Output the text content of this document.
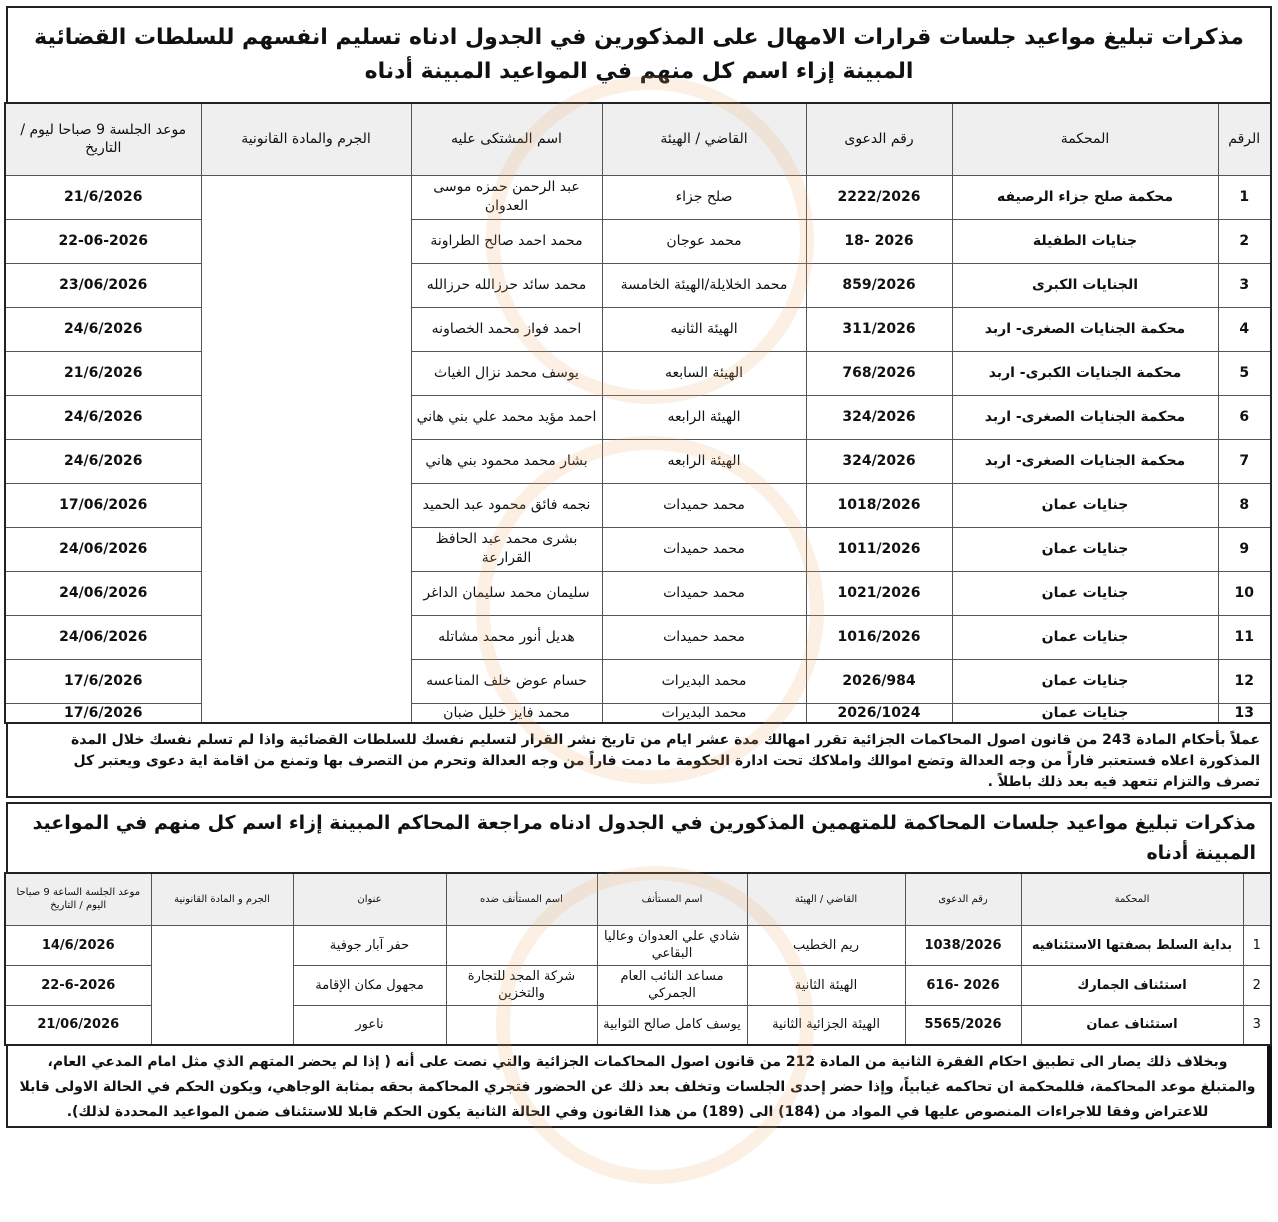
مذكرات تبليغ مواعيد جلسات قرارات الامهال على المذكورين في الجدول ادناه تسليم انفسهم للسلطات القضائية المبينة إزاء اسم كل منهم في المواعيد المبينة أدناه
الرقم	المحكمة	رقم الدعوى	القاضي / الهيئة	اسم المشتكى عليه	الجرم والمادة القانونية	موعد الجلسة 9 صباحا ليوم / التاريخ
1	محكمة صلح جزاء الرصيفه	2222/2026	صلح جزاء	عبد الرحمن حمزه موسى العدوان		21/6/2026
2	جنايات الطفيلة	18- 2026	محمد عوجان	محمد احمد صالح الطراونة		22-06-2026
3	الجنايات الكبرى	859/2026	محمد الخلايلة/الهيئة الخامسة	محمد سائد حرزالله حرزالله		23/06/2026
4	محكمة الجنايات الصغرى- اربد	311/2026	الهيئة الثانيه	احمد فواز محمد الخصاونه		24/6/2026
5	محكمة الجنايات الكبرى- اربد	768/2026	الهيئة السابعه	يوسف محمد نزال الغياث		21/6/2026
6	محكمة الجنايات الصغرى- اربد	324/2026	الهيئة الرابعه	احمد مؤيد محمد علي بني هاني		24/6/2026
7	محكمة الجنايات الصغرى- اربد	324/2026	الهيئة الرابعه	بشار محمد محمود بني هاني		24/6/2026
8	جنايات عمان	1018/2026	محمد حميدات	نجمه فائق محمود عبد الحميد		17/06/2026
9	جنايات عمان	1011/2026	محمد حميدات	بشرى محمد عبد الحافظ القرارعة		24/06/2026
10	جنايات عمان	1021/2026	محمد حميدات	سليمان محمد سليمان الداغر		24/06/2026
11	جنايات عمان	1016/2026	محمد حميدات	هديل أنور محمد مشاتله		24/06/2026
12	جنايات عمان	2026/984	محمد البديرات	حسام عوض خلف المناعسه		17/6/2026
13	جنايات عمان	2026/1024	محمد البديرات	محمد فايز خليل ضبان		17/6/2026
عملاً بأحكام المادة 243 من قانون اصول المحاكمات الجزائية تقرر امهالك مدة عشر ايام من تاريخ نشر القرار لتسليم نفسك للسلطات القضائية واذا لم تسلم نفسك خلال المدة المذكورة اعلاه فستعتبر فاراً من وجه العدالة وتضع اموالك واملاكك تحت ادارة الحكومة ما دمت فاراً من وجه العدالة وتحرم من التصرف بها وتمنع من اقامة اية دعوى ويعتبر كل تصرف والتزام تتعهد فيه بعد ذلك باطلاً .
مذكرات تبليغ مواعيد جلسات المحاكمة للمتهمين المذكورين في الجدول ادناه مراجعة المحاكم المبينة إزاء اسم كل منهم في المواعيد المبينة أدناه
	المحكمة	رقم الدعوى	القاضي / الهيئة	اسم المستأنف	اسم المستأنف ضده	عنوان	الجرم و المادة القانونية	موعد الجلسة الساعة 9 صباحا اليوم / التاريخ
1	بداية السلط بصفتها الاستئنافيه	1038/2026	ريم الخطيب	شادي علي العدوان وعاليا البقاعي		حفر آبار جوفية		14/6/2026
2	استئناف الجمارك	616- 2026	الهيئة الثانية	مساعد النائب العام الجمركي	شركة المجد للتجارة والتخزين	مجهول مكان الإقامة		22-6-2026
3	استئناف عمان	5565/2026	الهيئة الجزائية الثانية	يوسف كامل صالح الثوابية		ناعور		21/06/2026
وبخلاف ذلك يصار الى تطبيق احكام الفقرة الثانية من المادة 212 من قانون اصول المحاكمات الجزائية والتي نصت على أنه ( إذا لم يحضر المتهم الذي مثل امام المدعي العام، والمتبلغ موعد المحاكمة، فللمحكمة ان تحاكمه غيابياً، وإذا حضر إحدى الجلسات وتخلف بعد ذلك عن الحضور فتجري المحاكمة بحقه بمثابة الوجاهي، ويكون الحكم في الحالة الاولى قابلا للاعتراض وفقا للاجراءات المنصوص عليها في المواد من (184) الى (189) من هذا القانون وفي الحالة الثانية يكون الحكم قابلا للاستئناف ضمن المواعيد المحددة لذلك).
